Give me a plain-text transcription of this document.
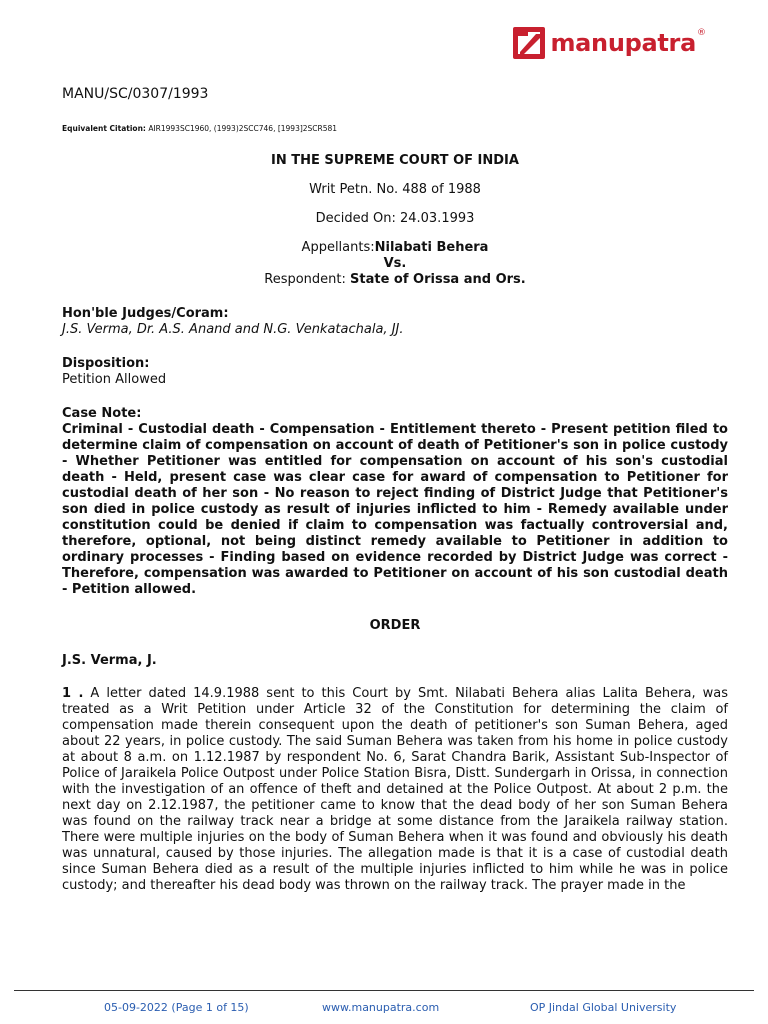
manupatra ®

MANU/SC/0307/1993

Equivalent Citation: AIR1993SC1960, (1993)2SCC746, [1993]2SCR581
IN THE SUPREME COURT OF INDIA
Writ Petn. No. 488 of 1988
Decided On: 24.03.1993
Appellants:Nilabati Behera
Vs.
Respondent: State of Orissa and Ors.
Hon'ble Judges/Coram:
J.S. Verma, Dr. A.S. Anand and N.G. Venkatachala, JJ.
Disposition:
Petition Allowed
Case Note:

Criminal - Custodial death - Compensation - Entitlement thereto - Present petition filed to determine claim of compensation on account of death of Petitioner's son in police custody - Whether Petitioner was entitled for compensation on account of his son's custodial death - Held, present case was clear case for award of compensation to Petitioner for custodial death of her son - No reason to reject finding of District Judge that Petitioner's son died in police custody as result of injuries inflicted to him - Remedy available under constitution could be denied if claim to compensation was factually controversial and, therefore, optional, not being distinct remedy available to Petitioner in addition to ordinary processes - Finding based on evidence recorded by District Judge was correct - Therefore, compensation was awarded to Petitioner on account of his son custodial death - Petition allowed.

ORDER
J.S. Verma, J.
1 . A letter dated 14.9.1988 sent to this Court by Smt. Nilabati Behera alias Lalita Behera, was treated as a Writ Petition under Article 32 of the Constitution for determining the claim of compensation made therein consequent upon the death of petitioner's son Suman Behera, aged about 22 years, in police custody. The said Suman Behera was taken from his home in police custody at about 8 a.m. on 1.12.1987 by respondent No. 6, Sarat Chandra Barik, Assistant Sub-Inspector of Police of Jaraikela Police Outpost under Police Station Bisra, Distt. Sundergarh in Orissa, in connection with the investigation of an offence of theft and detained at the Police Outpost. At about 2 p.m. the next day on 2.12.1987, the petitioner came to know that the dead body of her son Suman Behera was found on the railway track near a bridge at some distance from the Jaraikela railway station. There were multiple injuries on the body of Suman Behera when it was found and obviously his death was unnatural, caused by those injuries. The allegation made is that it is a case of custodial death since Suman Behera died as a result of the multiple injuries inflicted to him while he was in police custody; and thereafter his dead body was thrown on the railway track. The prayer made in the
05-09-2022 (Page 1 of 15)	www.manupatra.com	OP Jindal Global University
